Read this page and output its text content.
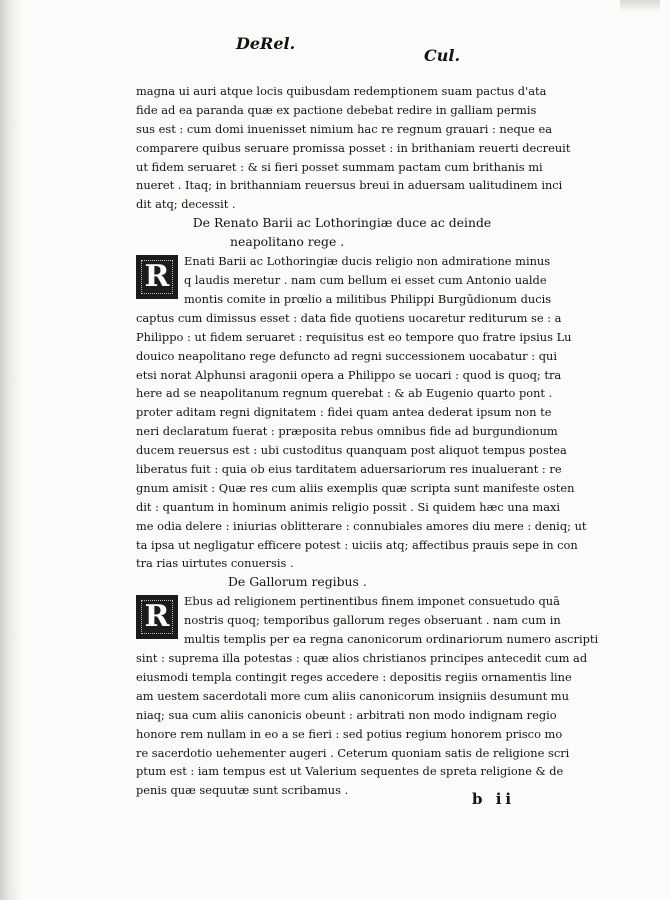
DeRel.
Cul.
magna ui auri atque locis quibusdam redemptionem suam pactus d'ata
fide ad ea paranda quæ ex pactione debebat redire in galliam permis
sus est : cum domi inuenisset nimium hac re regnum grauari : neque ea
comparere quibus seruare promissa posset : in brithaniam reuerti decreuit
ut fidem seruaret : & si fieri posset summam pactam cum brithanis mi
nueret . Itaq; in brithanniam reuersus breui in aduersam ualitudinem inci
dit atq; decessit .
De Renato Barii ac Lothoringiæ duce ac deinde
neapolitano rege .
R	Enati Barii ac Lothoringiæ ducis religio non admiratione minus
q laudis meretur . nam cum bellum ei esset cum Antonio ualde
montis comite in prœlio a militibus Philippi Burgūdionum ducis
captus cum dimissus esset : data fide quotiens uocaretur rediturum se : a
Philippo : ut fidem seruaret : requisitus est eo tempore quo fratre ipsius Lu
douico neapolitano rege defuncto ad regni successionem uocabatur : qui
etsi norat Alphunsi aragonii opera a Philippo se uocari : quod is quoq; tra
here ad se neapolitanum regnum querebat : & ab Eugenio quarto pont .
proter aditam regni dignitatem : fidei quam antea dederat ipsum non te
neri declaratum fuerat : præposita rebus omnibus fide ad burgundionum
ducem reuersus est : ubi custoditus quanquam post aliquot tempus postea
liberatus fuit : quia ob eius tarditatem aduersariorum res inualuerant : re
gnum amisit : Quæ res cum aliis exemplis quæ scripta sunt manifeste osten
dit : quantum in hominum animis religio possit . Si quidem hæc una maxi
me odia delere : iniurias oblitterare : connubiales amores diu mere : deniq; ut
ta ipsa ut negligatur efficere potest : uiciis atq; affectibus prauis sepe in con
tra rias uirtutes conuersis .
De Gallorum regibus .
R	Ebus ad religionem pertinentibus finem imponet consuetudo quā
nostris quoq; temporibus gallorum reges obseruant . nam cum in
multis templis per ea regna canonicorum ordinariorum numero ascripti
sint : suprema illa potestas : quæ alios christianos principes antecedit cum ad
eiusmodi templa contingit reges accedere : depositis regiis ornamentis line
am uestem sacerdotali more cum aliis canonicorum insigniis desumunt mu
niaq; sua cum aliis canonicis obeunt : arbitrati non modo indignam regio
honore rem nullam in eo a se fieri : sed potius regium honorem prisco mo
re sacerdotio uehementer augeri . Ceterum quoniam satis de religione scri
ptum est : iam tempus est ut Valerium sequentes de spreta religione & de
penis quæ sequutæ sunt scribamus .	b ii
